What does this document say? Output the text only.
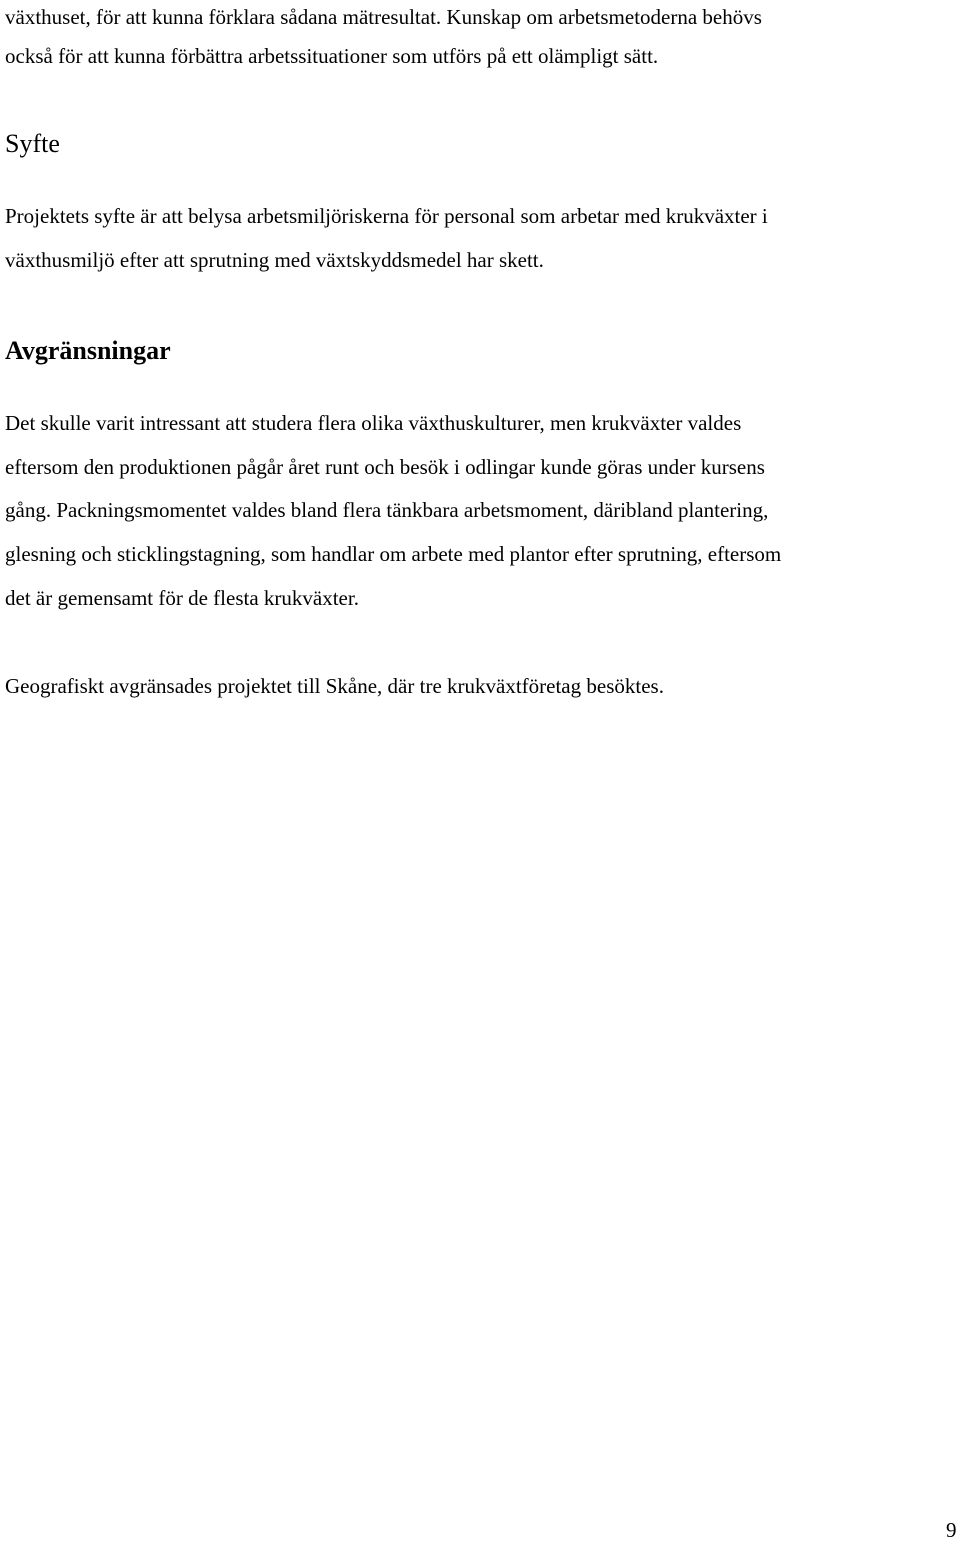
växthuset, för att kunna förklara sådana mätresultat. Kunskap om arbetsmetoderna behövs

också för att kunna förbättra arbetssituationer som utförs på ett olämpligt sätt.

Syfte

Projektets syfte är att belysa arbetsmiljöriskerna för personal som arbetar med krukväxter i

växthusmiljö efter att sprutning med växtskyddsmedel har skett.

Avgränsningar

Det skulle varit intressant att studera flera olika växthuskulturer, men krukväxter valdes

eftersom den produktionen pågår året runt och besök i odlingar kunde göras under kursens

gång. Packningsmomentet valdes bland flera tänkbara arbetsmoment, däribland plantering,

glesning och sticklingstagning, som handlar om arbete med plantor efter sprutning, eftersom

det är gemensamt för de flesta krukväxter.

Geografiskt avgränsades projektet till Skåne, där tre krukväxtföretag besöktes.

9
